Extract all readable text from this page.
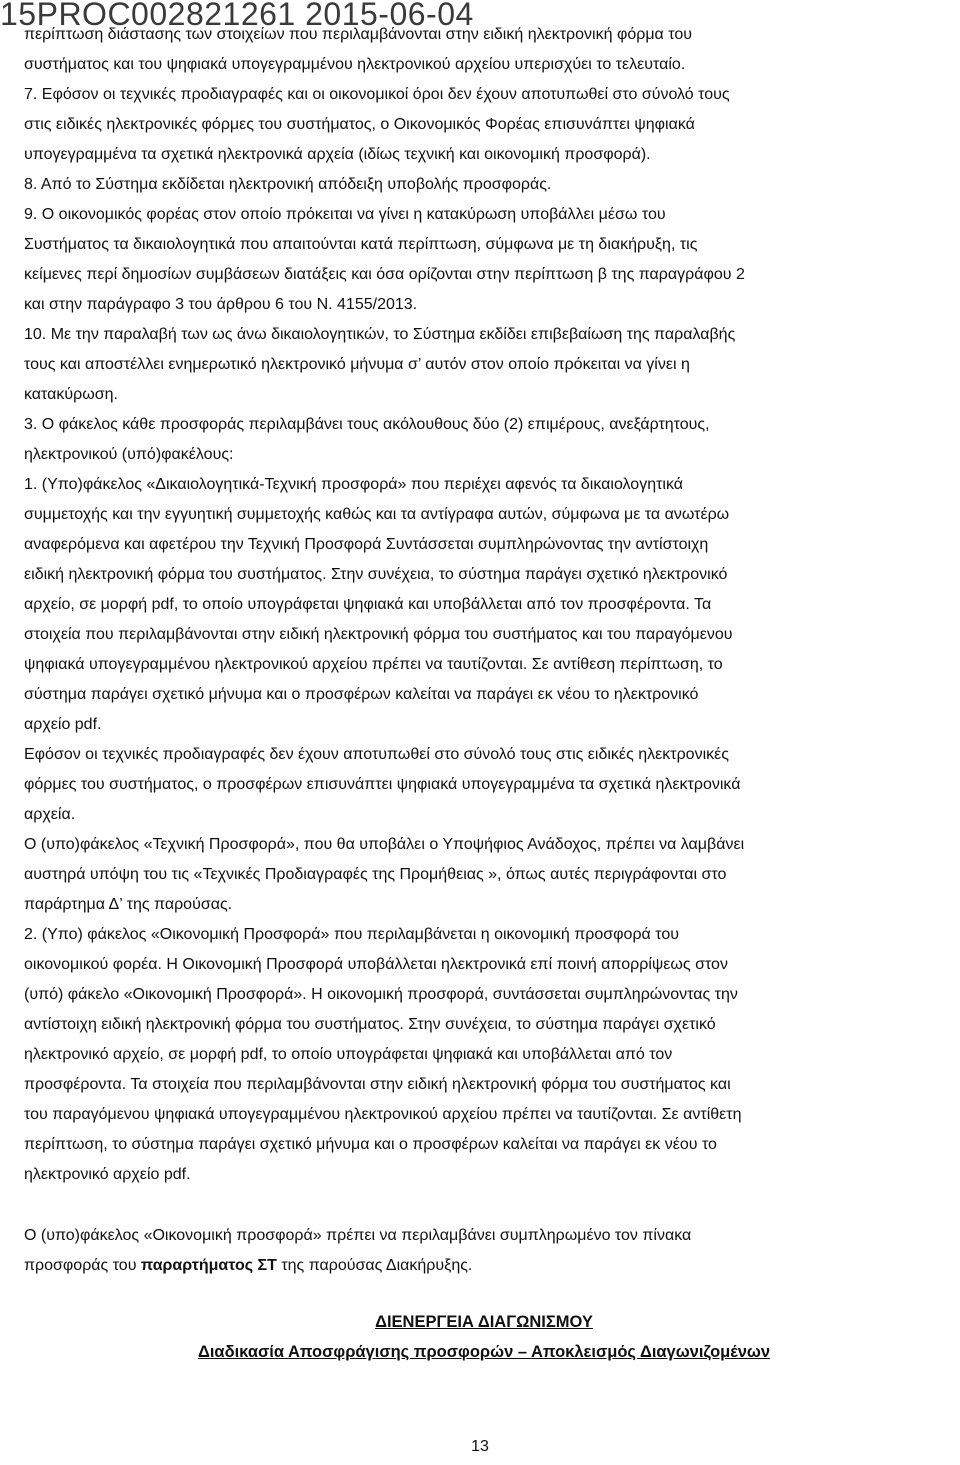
15PROC002821261 2015-06-04

περίπτωση διάστασης των στοιχείων που περιλαμβάνονται στην ειδική ηλεκτρονική φόρμα του

συστήματος και του ψηφιακά υπογεγραμμένου ηλεκτρονικού αρχείου υπερισχύει το τελευταίο.

7. Εφόσον οι τεχνικές προδιαγραφές και οι οικονομικοί όροι δεν έχουν αποτυπωθεί στο σύνολό τους

στις ειδικές ηλεκτρονικές φόρμες του συστήματος, ο Οικονομικός Φορέας επισυνάπτει ψηφιακά

υπογεγραμμένα τα σχετικά ηλεκτρονικά αρχεία (ιδίως τεχνική και οικονομική προσφορά).

8. Από το Σύστημα εκδίδεται ηλεκτρονική απόδειξη υποβολής προσφοράς.

9. Ο οικονομικός φορέας στον οποίο πρόκειται να γίνει η κατακύρωση υποβάλλει μέσω του

Συστήματος τα δικαιολογητικά που απαιτούνται κατά περίπτωση, σύμφωνα με τη διακήρυξη, τις

κείμενες περί δημοσίων συμβάσεων διατάξεις και όσα ορίζονται στην περίπτωση β της παραγράφου 2

και στην παράγραφο 3 του άρθρου 6 του Ν. 4155/2013.

10. Με την παραλαβή των ως άνω δικαιολογητικών, το Σύστημα εκδίδει επιβεβαίωση της παραλαβής

τους και αποστέλλει ενημερωτικό ηλεκτρονικό μήνυμα σ’ αυτόν στον οποίο πρόκειται να γίνει η

κατακύρωση.

3. Ο φάκελος κάθε προσφοράς περιλαμβάνει τους ακόλουθους δύο (2) επιμέρους, ανεξάρτητους,

ηλεκτρονικού (υπό)φακέλους:

1. (Υπο)φάκελος «Δικαιολογητικά-Τεχνική προσφορά» που περιέχει αφενός τα δικαιολογητικά

συμμετοχής και την εγγυητική συμμετοχής καθώς και τα αντίγραφα αυτών, σύμφωνα με τα ανωτέρω

αναφερόμενα και αφετέρου την Τεχνική Προσφορά Συντάσσεται συμπληρώνοντας την αντίστοιχη

ειδική ηλεκτρονική φόρμα του συστήματος. Στην συνέχεια, το σύστημα παράγει σχετικό ηλεκτρονικό

αρχείο, σε μορφή pdf, το οποίο υπογράφεται ψηφιακά και υποβάλλεται από τον προσφέροντα. Τα

στοιχεία που περιλαμβάνονται στην ειδική ηλεκτρονική φόρμα του συστήματος και του παραγόμενου

ψηφιακά υπογεγραμμένου ηλεκτρονικού αρχείου πρέπει να ταυτίζονται. Σε αντίθεση περίπτωση, το

σύστημα παράγει σχετικό μήνυμα και ο προσφέρων καλείται να παράγει εκ νέου το ηλεκτρονικό

αρχείο pdf.

Εφόσον οι τεχνικές προδιαγραφές δεν έχουν αποτυπωθεί στο σύνολό τους στις ειδικές ηλεκτρονικές

φόρμες του συστήματος, ο προσφέρων επισυνάπτει ψηφιακά υπογεγραμμένα τα σχετικά ηλεκτρονικά

αρχεία.

Ο (υπο)φάκελος «Τεχνική Προσφορά», που θα υποβάλει ο Υποψήφιος Ανάδοχος, πρέπει να λαμβάνει

αυστηρά υπόψη του τις «Τεχνικές Προδιαγραφές της Προμήθειας », όπως αυτές περιγράφονται στο

παράρτημα Δ’ της παρούσας.

2. (Υπο) φάκελος «Οικονομική Προσφορά» που περιλαμβάνεται η οικονομική προσφορά του

οικονομικού φορέα. Η Οικονομική Προσφορά υποβάλλεται ηλεκτρονικά επί ποινή απορρίψεως στον

(υπό) φάκελο «Οικονομική Προσφορά». Η οικονομική προσφορά, συντάσσεται συμπληρώνοντας την

αντίστοιχη ειδική ηλεκτρονική φόρμα του συστήματος. Στην συνέχεια, το σύστημα παράγει σχετικό

ηλεκτρονικό αρχείο, σε μορφή pdf, το οποίο υπογράφεται ψηφιακά και υποβάλλεται από τον

προσφέροντα. Τα στοιχεία που περιλαμβάνονται στην ειδική ηλεκτρονική φόρμα του συστήματος και

του παραγόμενου ψηφιακά υπογεγραμμένου ηλεκτρονικού αρχείου πρέπει να ταυτίζονται. Σε αντίθετη

περίπτωση, το σύστημα παράγει σχετικό μήνυμα και ο προσφέρων καλείται να παράγει εκ νέου το

ηλεκτρονικό αρχείο pdf.

Ο (υπο)φάκελος «Οικονομική προσφορά» πρέπει να περιλαμβάνει συμπληρωμένο τον πίνακα

προσφοράς του παραρτήματος ΣΤ της παρούσας Διακήρυξης.

ΔΙΕΝΕΡΓΕΙΑ ΔΙΑΓΩΝΙΣΜΟΥ

Διαδικασία Αποσφράγισης προσφορών – Αποκλεισμός Διαγωνιζομένων

13
